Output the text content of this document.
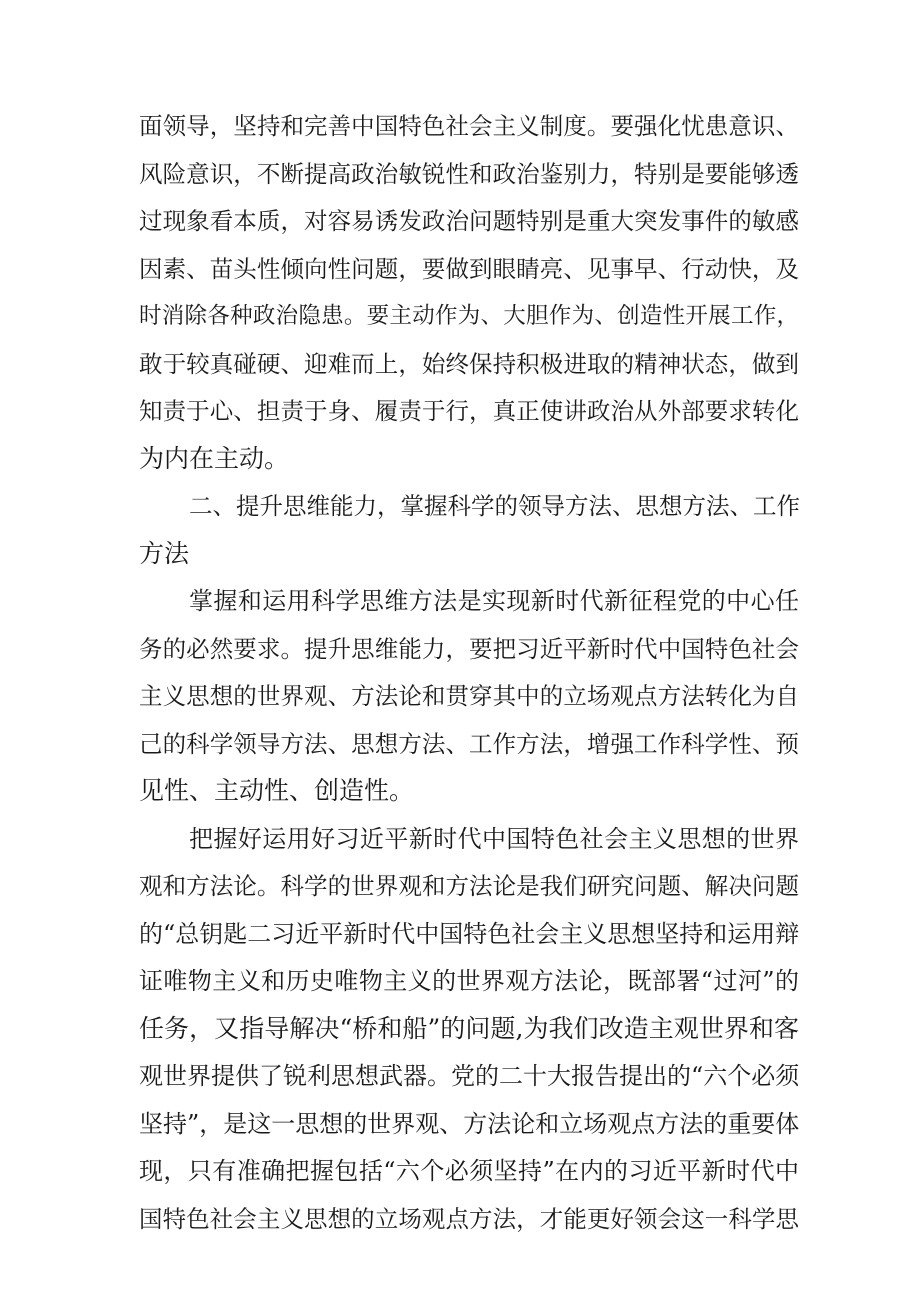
面领导，坚持和完善中国特色社会主义制度。要强化忧患意识、
风险意识，不断提高政治敏锐性和政治鉴别力，特别是要能够透
过现象看本质，对容易诱发政治问题特别是重大突发事件的敏感
因素、苗头性倾向性问题，要做到眼睛亮、见事早、行动快，及
时消除各种政治隐患。要主动作为、大胆作为、创造性开展工作，
敢于较真碰硬、迎难而上，始终保持积极进取的精神状态，做到
知责于心、担责于身、履责于行，真正使讲政治从外部要求转化
为内在主动。
二、提升思维能力，掌握科学的领导方法、思想方法、工作
方法
掌握和运用科学思维方法是实现新时代新征程党的中心任
务的必然要求。提升思维能力，要把习近平新时代中国特色社会
主义思想的世界观、方法论和贯穿其中的立场观点方法转化为自
己的科学领导方法、思想方法、工作方法，增强工作科学性、预
见性、主动性、创造性。
把握好运用好习近平新时代中国特色社会主义思想的世界
观和方法论。科学的世界观和方法论是我们研究问题、解决问题
的“总钥匙二习近平新时代中国特色社会主义思想坚持和运用辩
证唯物主义和历史唯物主义的世界观方法论，既部署“过河”的
任务，又指导解决“桥和船”的问题,为我们改造主观世界和客
观世界提供了锐利思想武器。党的二十大报告提出的“六个必须
坚持”，是这一思想的世界观、方法论和立场观点方法的重要体
现，只有准确把握包括“六个必须坚持”在内的习近平新时代中
国特色社会主义思想的立场观点方法，才能更好领会这一科学思
